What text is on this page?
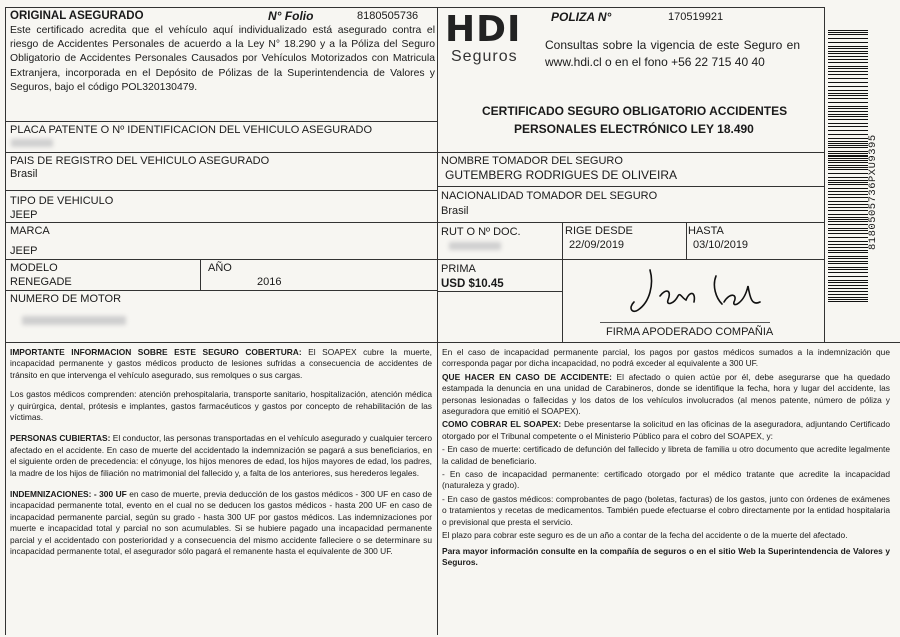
ORIGINAL ASEGURADO	N° Folio	8180505736
Este certificado acredita que el vehículo aquí individualizado está asegurado contra el riesgo de Accidentes Personales de acuerdo a la Ley N° 18.290 y a la Póliza del Seguro Obligatorio de Accidentes Personales Causados por Vehículos Motorizados con Matricula Extranjera, incorporada en el Depósito de Pólizas de la Superintendencia de Valores y Seguros, bajo el código POL320130479.
HDI
Seguros
POLIZA N°	170519921
Consultas sobre la vigencia de este Seguro en www.hdi.cl o en el fono +56 22 715 40 40
CERTIFICADO SEGURO OBLIGATORIO ACCIDENTES
PERSONALES ELECTRÓNICO LEY 18.490
8180505736PXU9395
PLACA PATENTE O Nº IDENTIFICACION DEL VEHICULO ASEGURADO
PAIS DE REGISTRO DEL VEHICULO ASEGURADO
Brasil
NOMBRE TOMADOR DEL SEGURO
GUTEMBERG RODRIGUES DE OLIVEIRA
NACIONALIDAD TOMADOR DEL SEGURO
Brasil
TIPO DE VEHICULO
JEEP
MARCA
JEEP
RUT O Nº DOC.	RIGE DESDE
22/09/2019
HASTA
03/10/2019
MODELO
RENEGADE
AÑO
2016
PRIMA
USD $10.45
NUMERO DE MOTOR
FIRMA APODERADO COMPAÑIA

IMPORTANTE INFORMACION SOBRE ESTE SEGURO COBERTURA: El SOAPEX cubre la muerte, incapacidad permanente y gastos médicos producto de lesiones sufridas a consecuencia de accidentes de tránsito en que intervenga el vehículo asegurado, sus remolques o sus cargas.

Los gastos médicos comprenden: atención prehospitalaria, transporte sanitario, hospitalización, atención médica y quirúrgica, dental, prótesis e implantes, gastos farmacéuticos y gastos por concepto de rehabilitación de las víctimas.

PERSONAS CUBIERTAS: El conductor, las personas transportadas en el vehículo asegurado y cualquier tercero afectado en el accidente. En caso de muerte del accidentado la indemnización se pagará a sus beneficiarios, en el siguiente orden de precedencia: el cónyuge, los hijos menores de edad, los hijos mayores de edad, los padres, la madre de los hijos de filiación no matrimonial del fallecido y, a falta de los anteriores, sus herederos legales.

INDEMNIZACIONES: - 300 UF en caso de muerte, previa deducción de los gastos médicos - 300 UF en caso de incapacidad permanente total, evento en el cual no se deducen los gastos médicos - hasta 200 UF en caso de incapacidad permanente parcial, según su grado - hasta 300 UF por gastos médicos. Las indemnizaciones por muerte e incapacidad total y parcial no son acumulables. Si se hubiere pagado una incapacidad permanente parcial y el accidentado con posterioridad y a consecuencia del mismo accidente falleciere o se determinare su incapacidad permanente total, el asegurador sólo pagará el remanente hasta el equivalente de 300 UF.

En el caso de incapacidad permanente parcial, los pagos por gastos médicos sumados a la indemnización que corresponda pagar por dicha incapacidad, no podrá exceder al equivalente a 300 UF.

QUE HACER EN CASO DE ACCIDENTE: El afectado o quien actúe por él, debe asegurarse que ha quedado estampada la denuncia en una unidad de Carabineros, donde se identifique la fecha, hora y lugar del accidente, las personas lesionadas o fallecidas y los datos de los vehículos involucrados (al menos patente, número de póliza y aseguradora que emitió el SOAPEX).

COMO COBRAR EL SOAPEX: Debe presentarse la solicitud en las oficinas de la aseguradora, adjuntando Certificado otorgado por el Tribunal competente o el Ministerio Público para el cobro del SOAPEX, y:

- En caso de muerte: certificado de defunción del fallecido y libreta de familia u otro documento que acredite legalmente la calidad de beneficiario.

- En caso de incapacidad permanente: certificado otorgado por el médico tratante que acredite la incapacidad (naturaleza y grado).

- En caso de gastos médicos: comprobantes de pago (boletas, facturas) de los gastos, junto con órdenes de exámenes o tratamientos y recetas de medicamentos. También puede efectuarse el cobro directamente por la entidad hospitalaria o previsional que presta el servicio.

El plazo para cobrar este seguro es de un año a contar de la fecha del accidente o de la muerte del afectado.

Para mayor información consulte en la compañía de seguros o en el sitio Web la Superintendencia de Valores y Seguros.
